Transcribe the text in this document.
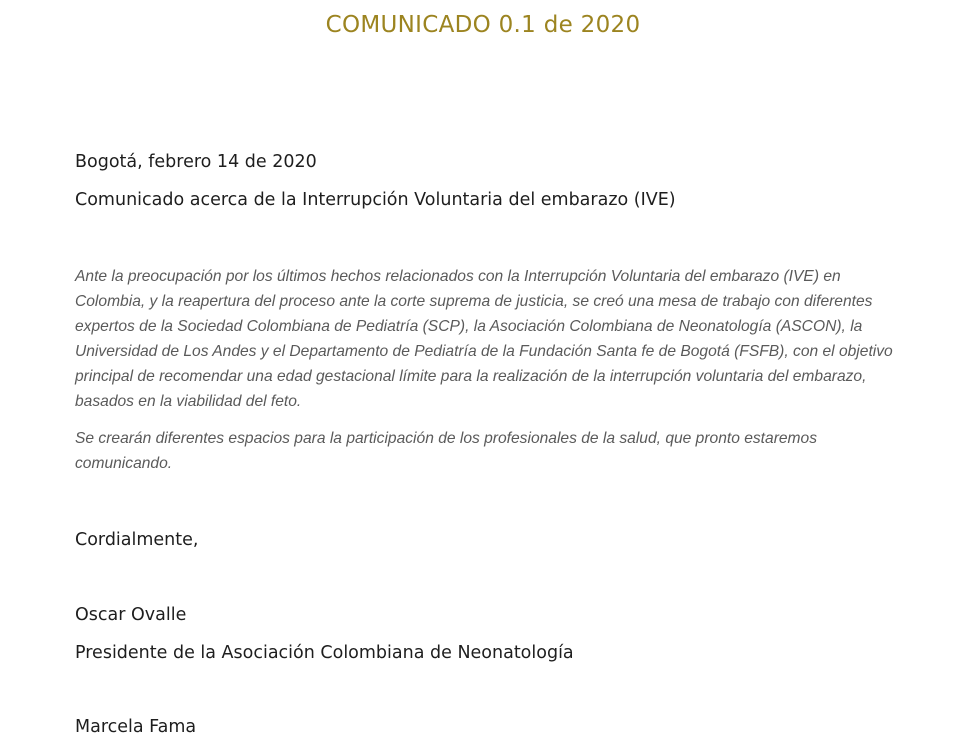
COMUNICADO 0.1 de 2020
Bogotá, febrero 14 de 2020
Comunicado acerca de la Interrupción Voluntaria del embarazo (IVE)

Ante la preocupación por los últimos hechos relacionados con la Interrupción Voluntaria del embarazo (IVE) en Colombia, y la reapertura del proceso ante la corte suprema de justicia, se creó una mesa de trabajo con diferentes expertos de la Sociedad Colombiana de Pediatría (SCP), la Asociación Colombiana de Neonatología (ASCON), la Universidad de Los Andes y el Departamento de Pediatría de la Fundación Santa fe de Bogotá (FSFB), con el objetivo principal de recomendar una edad gestacional límite para la realización de la interrupción voluntaria del embarazo, basados en la viabilidad del feto.

Se crearán diferentes espacios para la participación de los profesionales de la salud, que pronto estaremos comunicando.

Cordialmente,
Oscar Ovalle
Presidente de la Asociación Colombiana de Neonatología
Marcela Fama
